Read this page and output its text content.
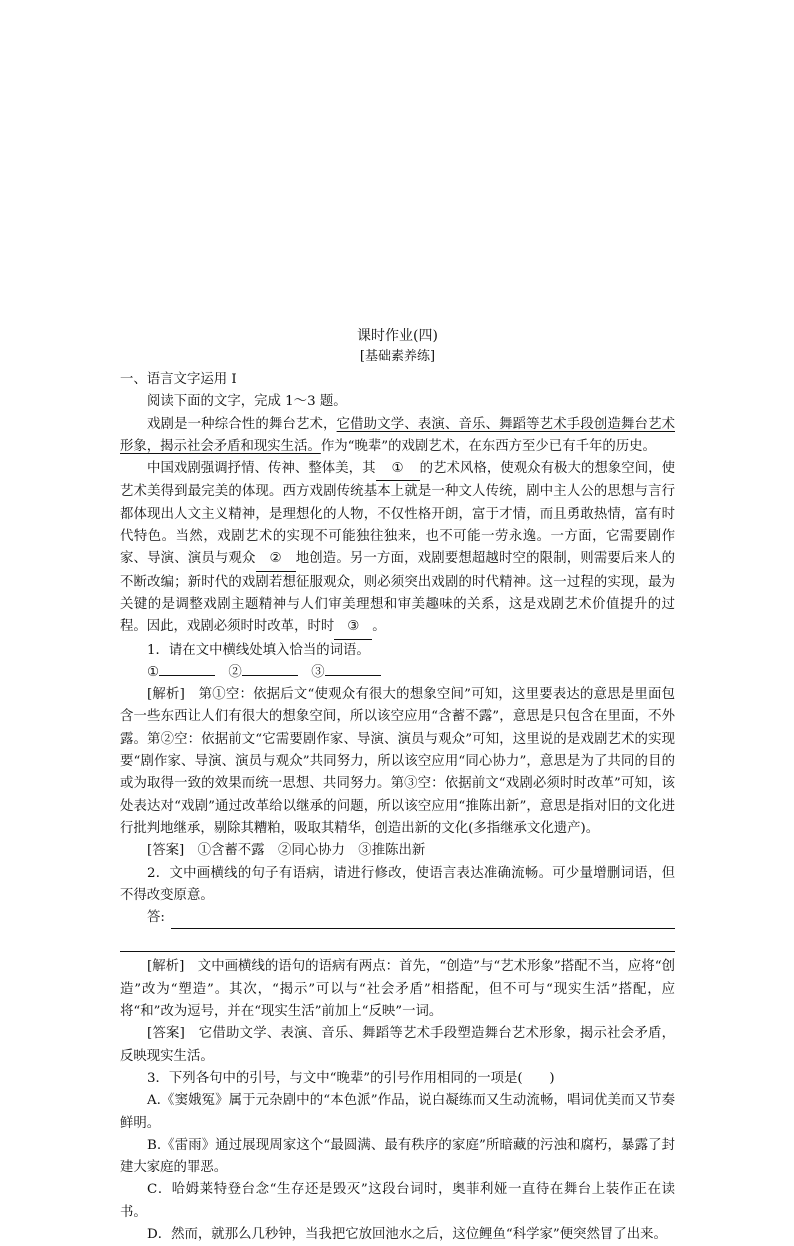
课时作业(四)

[基础素养练]

一、语言文字运用 I

阅读下面的文字，完成 1～3 题。

戏剧是一种综合性的舞台艺术，它借助文学、表演、音乐、舞蹈等艺术手段创造舞台艺术形象，揭示社会矛盾和现实生活。作为“晚辈”的戏剧艺术，在东西方至少已有千年的历史。

中国戏剧强调抒情、传神、整体美，其 ① 的艺术风格，使观众有极大的想象空间，使艺术美得到最完美的体现。西方戏剧传统基本上就是一种文人传统，剧中主人公的思想与言行都体现出人文主义精神，是理想化的人物，不仅性格开朗，富于才情，而且勇敢热情，富有时代特色。当然，戏剧艺术的实现不可能独往独来，也不可能一劳永逸。一方面，它需要剧作家、导演、演员与观众 ② 地创造。另一方面，戏剧要想超越时空的限制，则需要后来人的不断改编；新时代的戏剧若想征服观众，则必须突出戏剧的时代精神。这一过程的实现，最为关键的是调整戏剧主题精神与人们审美理想和审美趣味的关系，这是戏剧艺术价值提升的过程。因此，戏剧必须时时改革，时时 ③ 。

1．请在文中横线处填入恰当的词语。

①　	②　	③

[解析]　 第①空：依据后文“使观众有很大的想象空间”可知，这里要表达的意思是里面包含一些东西让人们有很大的想象空间，所以该空应用“含蓄不露”，意思是只包含在里面，不外露。第②空：依据前文“它需要剧作家、导演、演员与观众”可知，这里说的是戏剧艺术的实现要“剧作家、导演、演员与观众”共同努力，所以该空应用“同心协力”，意思是为了共同的目的或为取得一致的效果而统一思想、共同努力。第③空：依据前文“戏剧必须时时改革”可知，该处表达对“戏剧”通过改革给以继承的问题，所以该空应用“推陈出新”，意思是指对旧的文化进行批判地继承，剔除其糟粕，吸取其精华，创造出新的文化(多指继承文化遗产)。

[答案]　 ①含蓄不露　②同心协力　③推陈出新

2．文中画横线的句子有语病，请进行修改，使语言表达准确流畅。可少量增删词语，但不得改变原意。

答:

[解析]　 文中画横线的语句的语病有两点：首先，“创造”与“艺术形象”搭配不当，应将“创造”改为“塑造”。其次，“揭示”可以与“社会矛盾”相搭配，但不可与“现实生活”搭配，应将“和”改为逗号，并在“现实生活”前加上“反映”一词。

[答案]　 它借助文学、表演、音乐、舞蹈等艺术手段塑造舞台艺术形象，揭示社会矛盾，反映现实生活。

3．下列各句中的引号，与文中“晚辈”的引号作用相同的一项是(　　)

A.《窦娥冤》属于元杂剧中的“本色派”作品，说白凝练而又生动流畅，唱词优美而又节奏鲜明。

B.《雷雨》通过展现周家这个“最圆满、最有秩序的家庭”所暗藏的污浊和腐朽，暴露了封建大家庭的罪恶。

C．哈姆莱特登台念“生存还是毁灭”这段台词时，奥菲利娅一直待在舞台上装作正在读书。

D．然而，就那么几秒钟，当我把它放回池水之后，这位鲤鱼“科学家”便突然冒了出来。
